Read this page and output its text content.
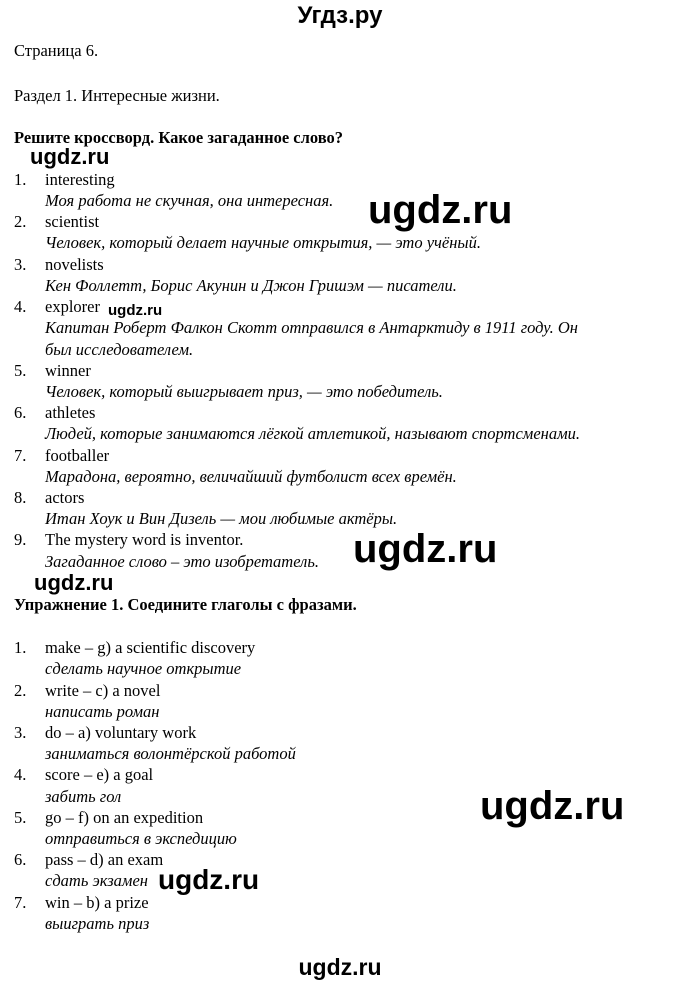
Угдз.ру
Страница 6.
Раздел 1. Интересные жизни.
Решите кроссворд. Какое загаданное слово?
1. interesting
Моя работа не скучная, она интересная.
2. scientist
Человек, который делает научные открытия, — это учёный.
3. novelists
Кен Фоллетт, Борис Акунин и Джон Гришэм — писатели.
4. explorer
Капитан Роберт Фалкон Скотт отправился в Антарктиду в 1911 году. Он
был исследователем.
5. winner
Человек, который выигрывает приз, — это победитель.
6. athletes
Людей, которые занимаются лёгкой атлетикой, называют спортсменами.
7. footballer
Марадона, вероятно, величайший футболист всех времён.
8. actors
Итан Хоук и Вин Дизель — мои любимые актёры.
9. The mystery word is inventor.
Загаданное слово – это изобретатель.
Упражнение 1. Соедините глаголы с фразами.
1. make – g) a scientific discovery
сделать научное открытие
2. write – c) a novel
написать роман
3. do – a) voluntary work
заниматься волонтёрской работой
4. score – e) a goal
забить гол
5. go – f) on an expedition
отправиться в экспедицию
6. pass – d) an exam
сдать экзамен
7. win – b) a prize
выиграть приз
ugdz.ru
ugdz.ru
ugdz.ru
ugdz.ru
ugdz.ru
ugdz.ru
ugdz.ru
ugdz.ru
